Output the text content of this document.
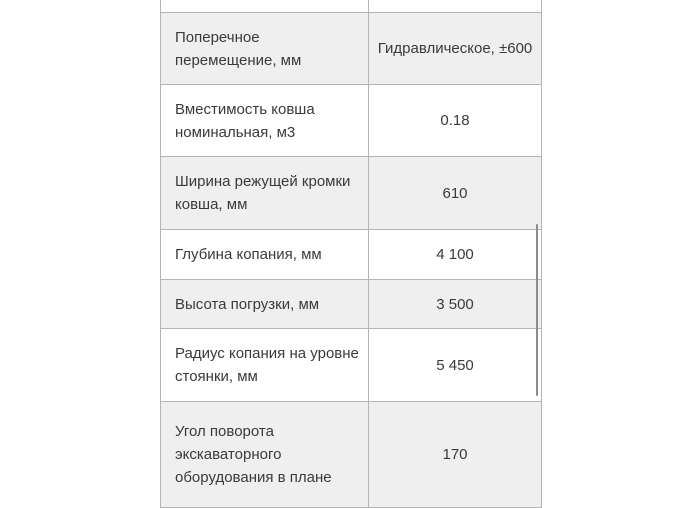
Поперечное перемещение, мм	Гидравлическое, ±600
Вместимость ковша номинальная, м3	0.18
Ширина режущей кромки ковша, мм	610
Глубина копания, мм	4 100
Высота погрузки, мм	3 500
Радиус копания на уровне стоянки, мм	5 450
Угол поворота экскаваторного оборудования в плане	170
